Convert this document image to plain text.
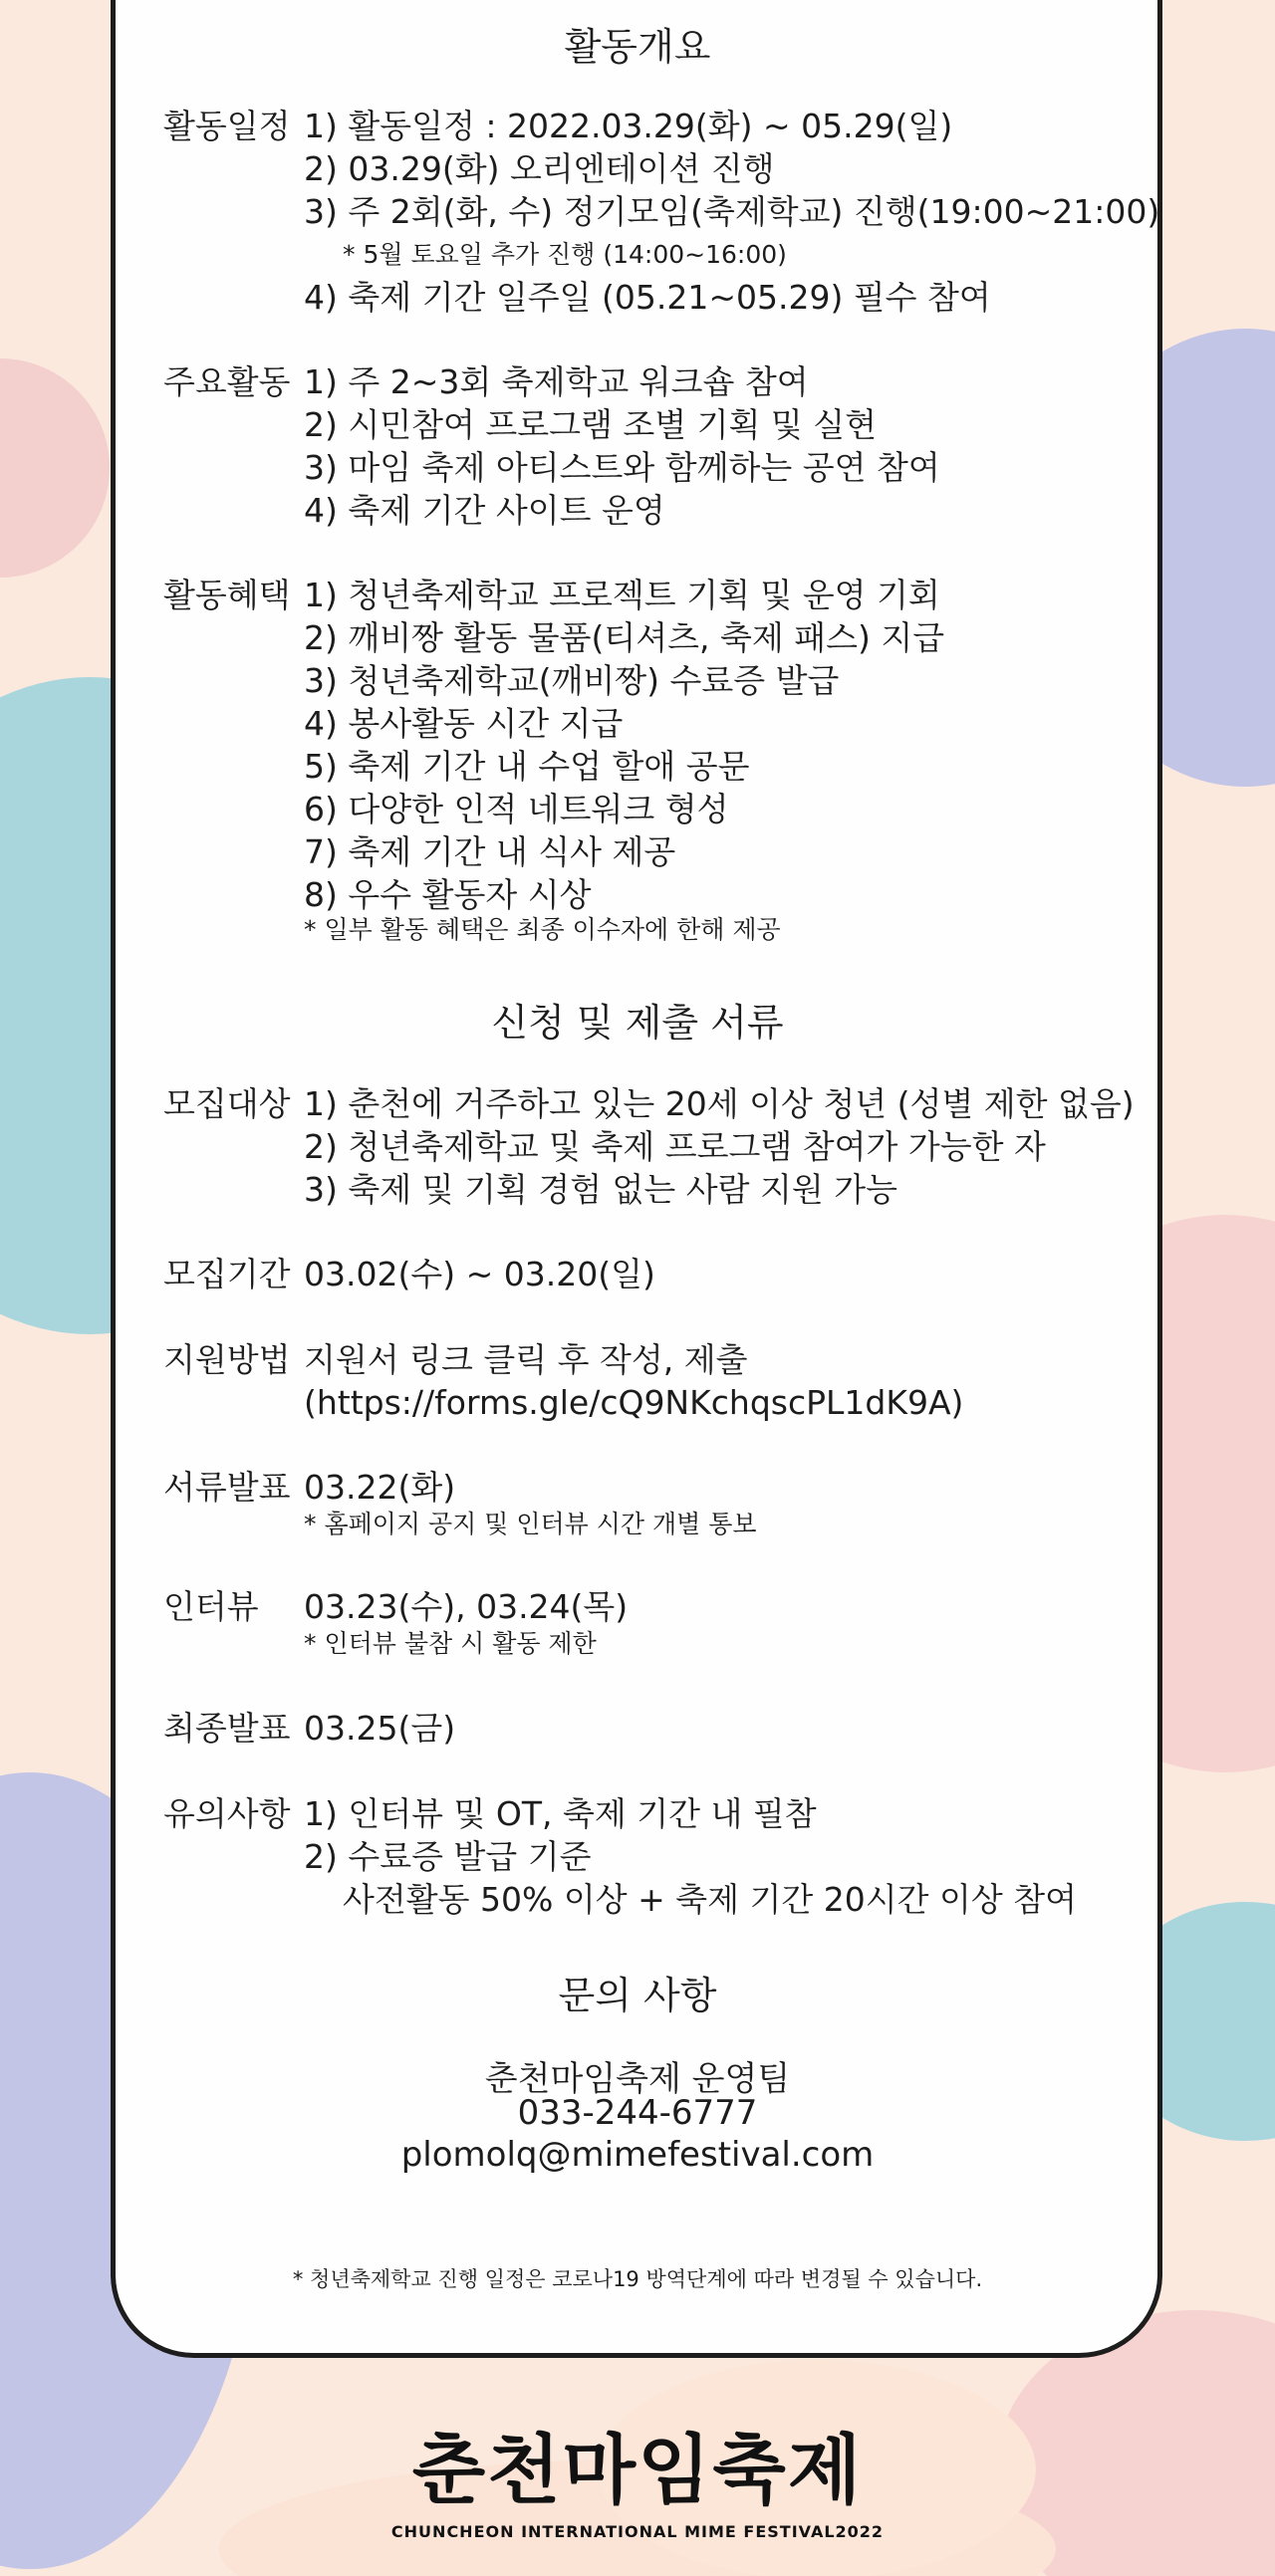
활동개요
활동일정 1) 활동일정 : 2022.03.29(화) ~ 05.29(일)
2) 03.29(화) 오리엔테이션 진행
3) 주 2회(화, 수) 정기모임(축제학교) 진행(19:00~21:00)
* 5월 토요일 추가 진행 (14:00~16:00)
4) 축제 기간 일주일 (05.21~05.29) 필수 참여
주요활동 1) 주 2~3회 축제학교 워크숍 참여
2) 시민참여 프로그램 조별 기획 및 실현
3) 마임 축제 아티스트와 함께하는 공연 참여
4) 축제 기간 사이트 운영
활동혜택 1) 청년축제학교 프로젝트 기획 및 운영 기회
2) 깨비짱 활동 물품(티셔츠, 축제 패스) 지급
3) 청년축제학교(깨비짱) 수료증 발급
4) 봉사활동 시간 지급
5) 축제 기간 내 수업 할애 공문
6) 다양한 인적 네트워크 형성
7) 축제 기간 내 식사 제공
8) 우수 활동자 시상
* 일부 활동 혜택은 최종 이수자에 한해 제공
신청 및 제출 서류
모집대상 1) 춘천에 거주하고 있는 20세 이상 청년 (성별 제한 없음)
2) 청년축제학교 및 축제 프로그램 참여가 가능한 자
3) 축제 및 기획 경험 없는 사람 지원 가능
모집기간 03.02(수) ~ 03.20(일)
지원방법 지원서 링크 클릭 후 작성, 제출
(https://forms.gle/cQ9NKchqscPL1dK9A)
서류발표 03.22(화)
* 홈페이지 공지 및 인터뷰 시간 개별 통보
인터뷰 03.23(수), 03.24(목)
* 인터뷰 불참 시 활동 제한
최종발표 03.25(금)
유의사항 1) 인터뷰 및 OT, 축제 기간 내 필참
2) 수료증 발급 기준
사전활동 50% 이상 + 축제 기간 20시간 이상 참여
문의 사항
춘천마임축제 운영팀
033-244-6777
plomolq@mimefestival.com
* 청년축제학교 진행 일정은 코로나19 방역단계에 따라 변경될 수 있습니다.
춘천마임축제
CHUNCHEON INTERNATIONAL MIME FESTIVAL2022
